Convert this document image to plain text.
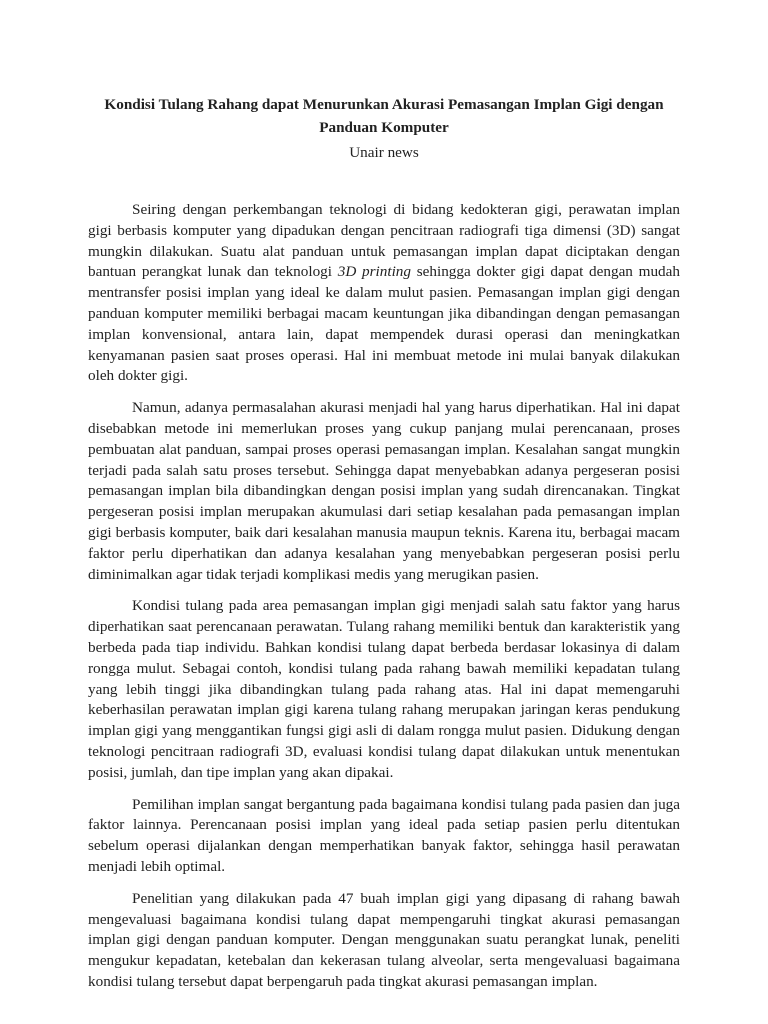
Kondisi Tulang Rahang dapat Menurunkan Akurasi Pemasangan Implan Gigi dengan Panduan Komputer
Unair news

Seiring dengan perkembangan teknologi di bidang kedokteran gigi, perawatan implan gigi berbasis komputer yang dipadukan dengan pencitraan radiografi tiga dimensi (3D) sangat mungkin dilakukan. Suatu alat panduan untuk pemasangan implan dapat diciptakan dengan bantuan perangkat lunak dan teknologi 3D printing sehingga dokter gigi dapat dengan mudah mentransfer posisi implan yang ideal ke dalam mulut pasien. Pemasangan implan gigi dengan panduan komputer memiliki berbagai macam keuntungan jika dibandingan dengan pemasangan implan konvensional, antara lain, dapat mempendek durasi operasi dan meningkatkan kenyamanan pasien saat proses operasi. Hal ini membuat metode ini mulai banyak dilakukan oleh dokter gigi.

Namun, adanya permasalahan akurasi menjadi hal yang harus diperhatikan. Hal ini dapat disebabkan metode ini memerlukan proses yang cukup panjang mulai perencanaan, proses pembuatan alat panduan, sampai proses operasi pemasangan implan. Kesalahan sangat mungkin terjadi pada salah satu proses tersebut. Sehingga dapat menyebabkan adanya pergeseran posisi pemasangan implan bila dibandingkan dengan posisi implan yang sudah direncanakan. Tingkat pergeseran posisi implan merupakan akumulasi dari setiap kesalahan pada pemasangan implan gigi berbasis komputer, baik dari kesalahan manusia maupun teknis. Karena itu, berbagai macam faktor perlu diperhatikan dan adanya kesalahan yang menyebabkan pergeseran posisi perlu diminimalkan agar tidak terjadi komplikasi medis yang merugikan pasien.

Kondisi tulang pada area pemasangan implan gigi menjadi salah satu faktor yang harus diperhatikan saat perencanaan perawatan. Tulang rahang memiliki bentuk dan karakteristik yang berbeda pada tiap individu. Bahkan kondisi tulang dapat berbeda berdasar lokasinya di dalam rongga mulut. Sebagai contoh, kondisi tulang pada rahang bawah memiliki kepadatan tulang yang lebih tinggi jika dibandingkan tulang pada rahang atas. Hal ini dapat memengaruhi keberhasilan perawatan implan gigi karena tulang rahang merupakan jaringan keras pendukung implan gigi yang menggantikan fungsi gigi asli di dalam rongga mulut pasien. Didukung dengan teknologi pencitraan radiografi 3D, evaluasi kondisi tulang dapat dilakukan untuk menentukan posisi, jumlah, dan tipe implan yang akan dipakai.

Pemilihan implan sangat bergantung pada bagaimana kondisi tulang pada pasien dan juga faktor lainnya. Perencanaan posisi implan yang ideal pada setiap pasien perlu ditentukan sebelum operasi dijalankan dengan memperhatikan banyak faktor, sehingga hasil perawatan menjadi lebih optimal.

Penelitian yang dilakukan pada 47 buah implan gigi yang dipasang di rahang bawah mengevaluasi bagaimana kondisi tulang dapat mempengaruhi tingkat akurasi pemasangan implan gigi dengan panduan komputer. Dengan menggunakan suatu perangkat lunak, peneliti mengukur kepadatan, ketebalan dan kekerasan tulang alveolar, serta mengevaluasi bagaimana kondisi tulang tersebut dapat berpengaruh pada tingkat akurasi pemasangan implan.
